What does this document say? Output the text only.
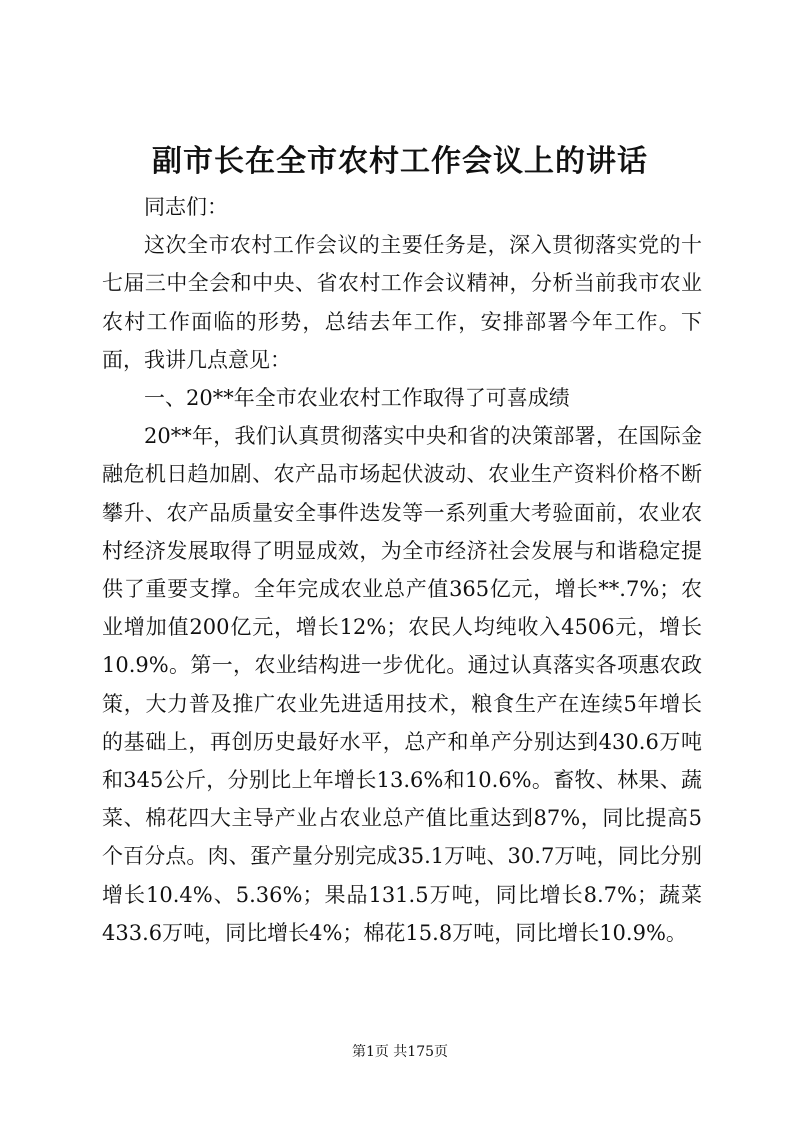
副市长在全市农村工作会议上的讲话

同志们：

这次全市农村工作会议的主要任务是，深入贯彻落实党的十七届三中全会和中央、省农村工作会议精神，分析当前我市农业农村工作面临的形势，总结去年工作，安排部署今年工作。下面，我讲几点意见：

一、20**年全市农业农村工作取得了可喜成绩

20**年，我们认真贯彻落实中央和省的决策部署，在国际金融危机日趋加剧、农产品市场起伏波动、农业生产资料价格不断攀升、农产品质量安全事件迭发等一系列重大考验面前，农业农村经济发展取得了明显成效，为全市经济社会发展与和谐稳定提供了重要支撑。全年完成农业总产值365亿元，增长**.7%；农业增加值200亿元，增长12%；农民人均纯收入4506元，增长10.9%。第一，农业结构进一步优化。通过认真落实各项惠农政策，大力普及推广农业先进适用技术，粮食生产在连续5年增长的基础上，再创历史最好水平，总产和单产分别达到430.6万吨和345公斤，分别比上年增长13.6%和10.6%。畜牧、林果、蔬菜、棉花四大主导产业占农业总产值比重达到87%，同比提高5个百分点。肉、蛋产量分别完成35.1万吨、30.7万吨，同比分别增长10.4%、5.36%；果品131.5万吨，同比增长8.7%；蔬菜433.6万吨，同比增长4%；棉花15.8万吨，同比增长10.9%。

第1页 共175页
